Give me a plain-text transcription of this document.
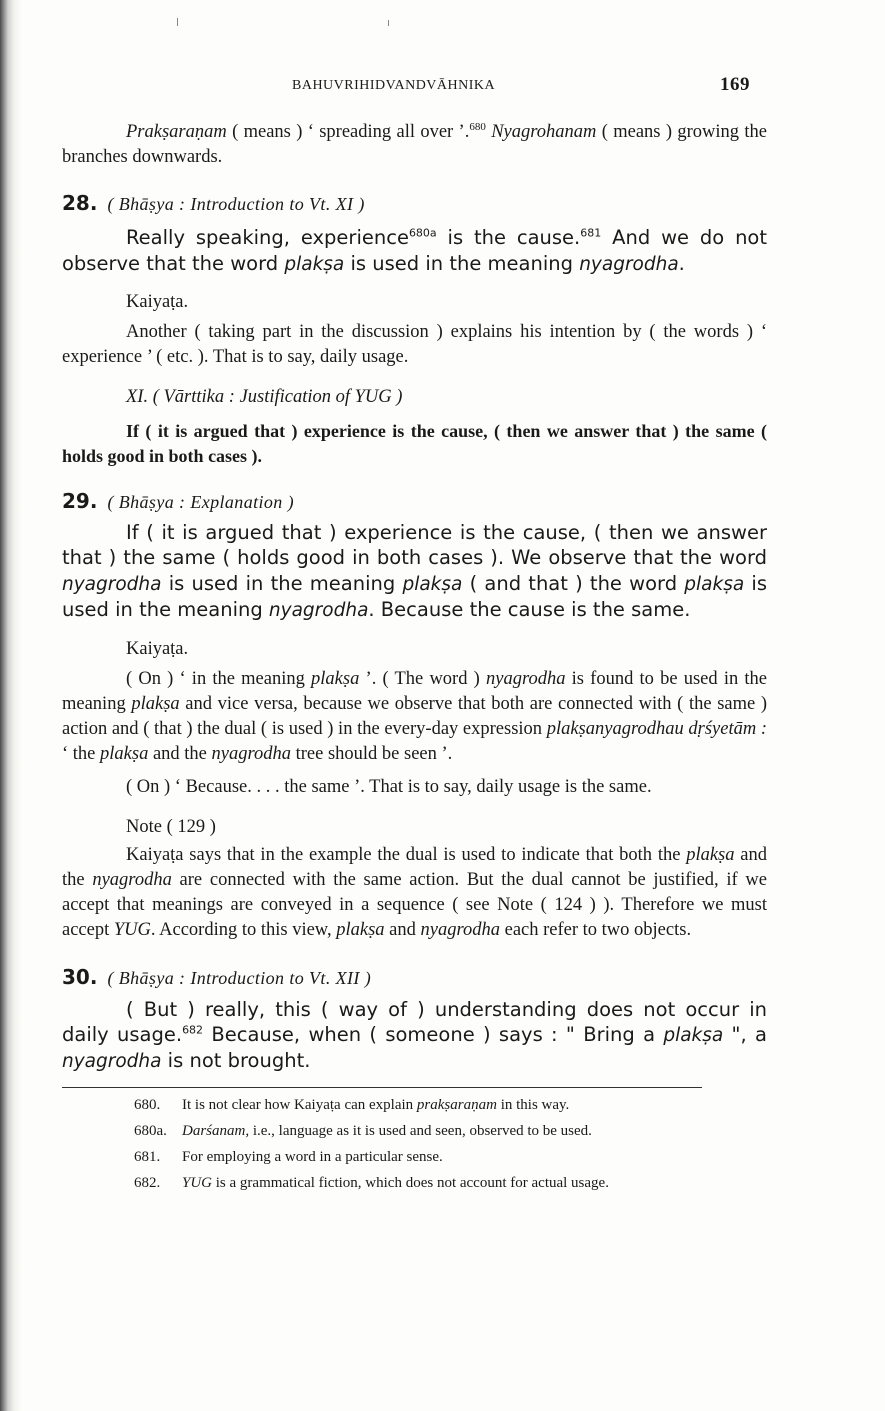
BAHUVRIHIDVANDVĀHNIKA	169

Prakṣaraṇam ( means ) ‘ spreading all over ’.$^{680}$ Nyagrohanam ( means ) growing the branches downwards.

28. ( Bhāṣya : Introduction to Vt. XI )

Really speaking, experience$^{680a}$ is the cause.$^{681}$ And we do not observe that the word plakṣa is used in the meaning nyagrodha.

Kaiyaṭa.

Another ( taking part in the discussion ) explains his intention by ( the words ) ‘ experience ’ ( etc. ). That is to say, daily usage.

XI. ( Vārttika : Justification of YUG )

If ( it is argued that ) experience is the cause, ( then we answer that ) the same ( holds good in both cases ).

29. ( Bhāṣya : Explanation )

If ( it is argued that ) experience is the cause, ( then we answer that ) the same ( holds good in both cases ). We observe that the word nyagrodha is used in the meaning plakṣa ( and that ) the word plakṣa is used in the meaning nyagrodha. Because the cause is the same.

Kaiyaṭa.

( On ) ‘ in the meaning plakṣa ’. ( The word ) nyagrodha is found to be used in the meaning plakṣa and vice versa, because we observe that both are connected with ( the same ) action and ( that ) the dual ( is used ) in the every-day expression plakṣanyagrodhau dṛśyetām : ‘ the plakṣa and the nyagrodha tree should be seen ’.

( On ) ‘ Because. . . . the same ’. That is to say, daily usage is the same.

Note ( 129 )

Kaiyaṭa says that in the example the dual is used to indicate that both the plakṣa and the nyagrodha are connected with the same action. But the dual cannot be justified, if we accept that meanings are conveyed in a sequence ( see Note ( 124 ) ). Therefore we must accept YUG. According to this view, plakṣa and nyagrodha each refer to two objects.

30. ( Bhāṣya : Introduction to Vt. XII )

( But ) really, this ( way of ) understanding does not occur in daily usage.$^{682}$ Because, when ( someone ) says : " Bring a plakṣa ", a nyagrodha is not brought.

680. It is not clear how Kaiyaṭa can explain prakṣaraṇam in this way.

680a. Darśanam, i.e., language as it is used and seen, observed to be used.

681. For employing a word in a particular sense.

682. YUG is a grammatical fiction, which does not account for actual usage.
